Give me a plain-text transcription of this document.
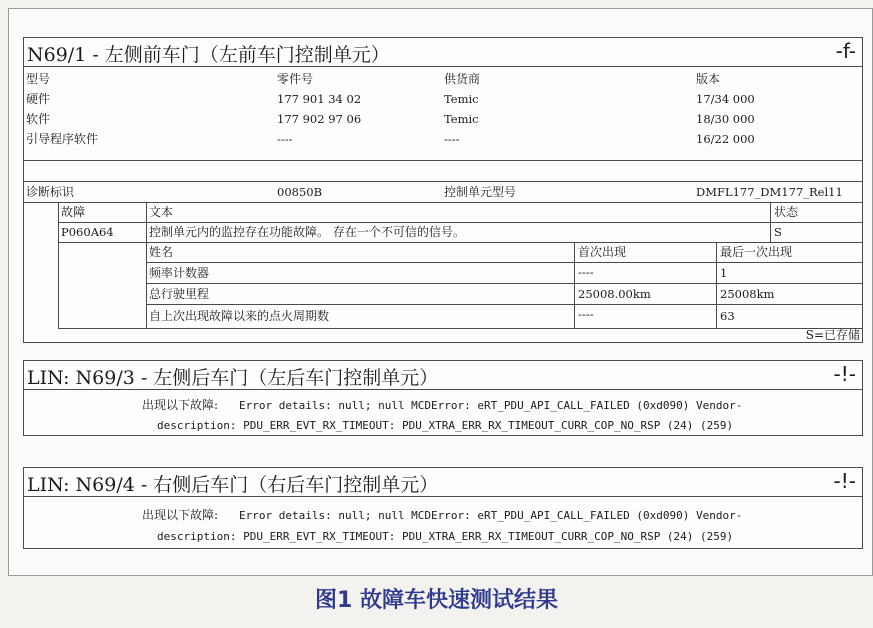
N69/1 - 左侧前车门（左前车门控制单元）	-f-
型号	零件号	供货商	版本
硬件	177 901 34 02	Temic	17/34 000
软件	177 902 97 06	Temic	18/30 000
引导程序软件	----	----	16/22 000
诊断标识	00850B	控制单元型号	DMFL177_DM177_Rel11
故障	文本	状态
P060A64	控制单元内的监控存在功能故障。 存在一个不可信的信号。	S
姓名	首次出现	最后一次出现
频率计数器	----	1
总行驶里程	25008.00km	25008km
自上次出现故障以来的点火周期数	----	63
S=已存储
LIN: N69/3 - 左侧后车门（左后车门控制单元）	-!-
出现以下故障: Error details: null; null MCDError: eRT_PDU_API_CALL_FAILED (0xd090) Vendor-
description: PDU_ERR_EVT_RX_TIMEOUT: PDU_XTRA_ERR_RX_TIMEOUT_CURR_COP_NO_RSP (24) (259)
LIN: N69/4 - 右侧后车门（右后车门控制单元）	-!-
出现以下故障: Error details: null; null MCDError: eRT_PDU_API_CALL_FAILED (0xd090) Vendor-
description: PDU_ERR_EVT_RX_TIMEOUT: PDU_XTRA_ERR_RX_TIMEOUT_CURR_COP_NO_RSP (24) (259)
图1 故障车快速测试结果
